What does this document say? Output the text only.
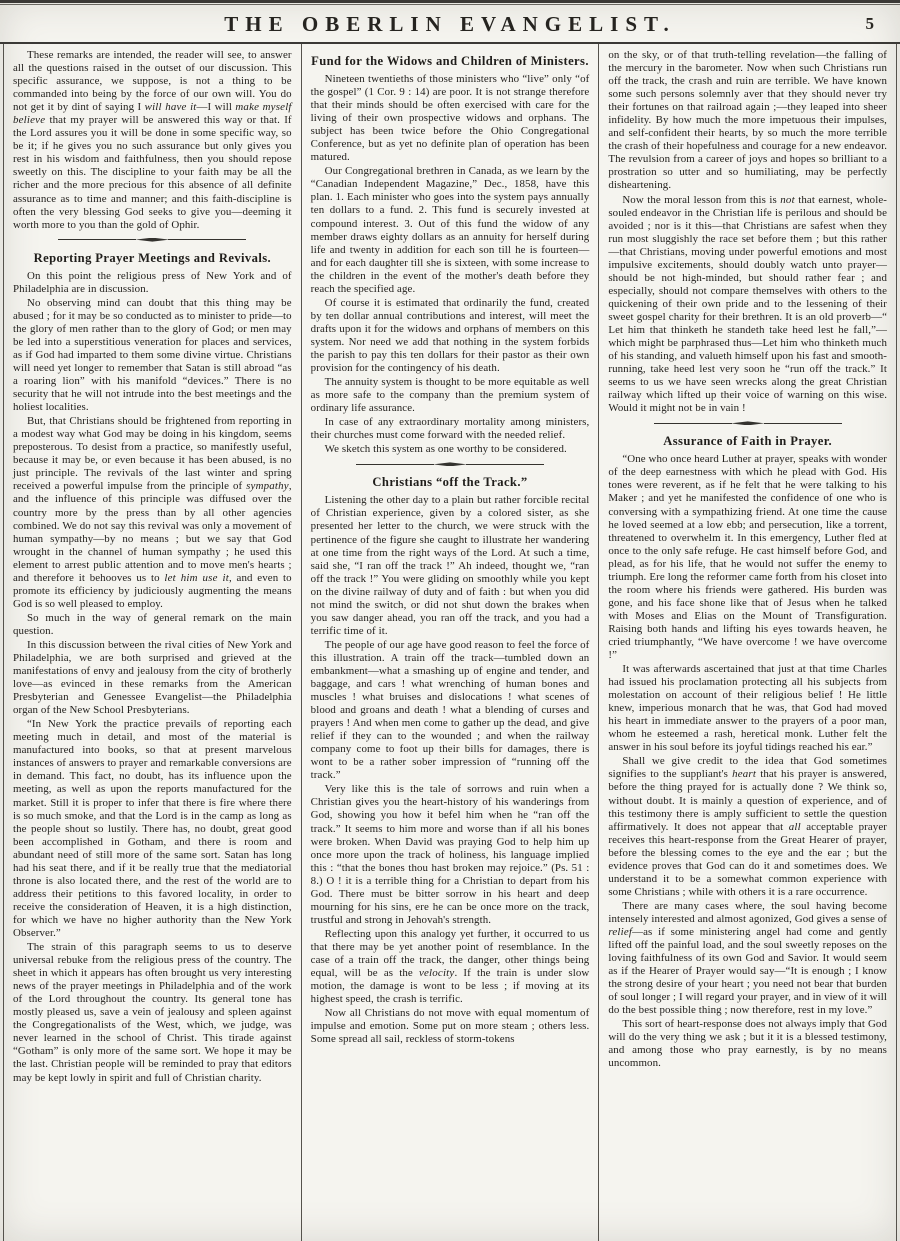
THE OBERLIN EVANGELIST.	5

These remarks are intended, the reader will see, to answer all the questions raised in the outset of our discussion. This specific assurance, we suppose, is not a thing to be commanded into being by the force of our own will. You do not get it by dint of saying I will have it—I will make myself believe that my prayer will be answered this way or that. If the Lord assures you it will be done in some specific way, so be it; if he gives you no such assurance but only gives you rest in his wisdom and faithfulness, then you should repose sweetly on this. The discipline to your faith may be all the richer and the more precious for this absence of all definite assurance as to time and manner; and this faith-discipline is often the very blessing God seeks to give you—deeming it worth more to you than the gold of Ophir.

Reporting Prayer Meetings and Revivals.

On this point the religious press of New York and of Philadelphia are in discussion.

No observing mind can doubt that this thing may be abused ; for it may be so conducted as to minister to pride—to the glory of men rather than to the glory of God; or men may be led into a superstitious veneration for places and services, as if God had imparted to them some divine virtue. Christians will need yet longer to remember that Satan is still abroad “as a roaring lion” with his manifold “devices.” There is no security that he will not intrude into the best meetings and the holiest localities.

But, that Christians should be frightened from reporting in a modest way what God may be doing in his kingdom, seems preposterous. To desist from a practice, so manifestly useful, because it may be, or even because it has been abused, is no just principle. The revivals of the last winter and spring received a powerful impulse from the principle of sympathy, and the influence of this principle was diffused over the country more by the press than by all other agencies combined. We do not say this revival was only a movement of human sympathy—by no means ; but we say that God wrought in the channel of human sympathy ; he used this element to arrest public attention and to move men's hearts ; and therefore it behooves us to let him use it, and even to promote its efficiency by judiciously augmenting the means God is so well pleased to employ.

So much in the way of general remark on the main question.

In this discussion between the rival cities of New York and Philadelphia, we are both surprised and grieved at the manifestations of envy and jealousy from the city of brotherly love—as evinced in these remarks from the American Presbyterian and Genessee Evangelist—the Philadelphia organ of the New School Presbyterians.

“In New York the practice prevails of reporting each meeting much in detail, and most of the material is manufactured into books, so that at present marvelous instances of answers to prayer and remarkable conversions are in demand. This fact, no doubt, has its influence upon the meeting, as well as upon the reports manufactured for the market. Still it is proper to infer that there is fire where there is so much smoke, and that the Lord is in the camp as long as the people shout so lustily. There has, no doubt, great good been accomplished in Gotham, and there is room and abundant need of still more of the same sort. Satan has long had his seat there, and if it be really true that the mediatorial throne is also located there, and the rest of the world are to address their petitions to this favored locality, in order to receive the consideration of Heaven, it is a high distinction, for which we have no higher authority than the New York Observer.”

The strain of this paragraph seems to us to deserve universal rebuke from the religious press of the country. The sheet in which it appears has often brought us very interesting news of the prayer meetings in Philadelphia and of the work of the Lord throughout the country. Its general tone has mostly pleased us, save a vein of jealousy and spleen against the Congregationalists of the West, which, we judge, was never learned in the school of Christ. This tirade against “Gotham” is only more of the same sort. We hope it may be the last. Christian people will be reminded to pray that editors may be kept lowly in spirit and full of Christian charity.

Fund for the Widows and Children of Ministers.

Nineteen twentieths of those ministers who “live” only “of the gospel” (1 Cor. 9 : 14) are poor. It is not strange therefore that their minds should be often exercised with care for the living of their own prospective widows and orphans. The subject has been twice before the Ohio Congregational Conference, but as yet no definite plan of operation has been matured.

Our Congregational brethren in Canada, as we learn by the “Canadian Independent Magazine,” Dec., 1858, have this plan. 1. Each minister who goes into the system pays annually ten dollars to a fund. 2. This fund is securely invested at compound interest. 3. Out of this fund the widow of any member draws eighty dollars as an annuity for herself during life and twenty in addition for each son till he is fourteen—and for each daughter till she is sixteen, with some increase to the children in the event of the mother's death before they reach the specified age.

Of course it is estimated that ordinarily the fund, created by ten dollar annual contributions and interest, will meet the drafts upon it for the widows and orphans of members on this system. Nor need we add that nothing in the system forbids the parish to pay this ten dollars for their pastor as their own provision for the contingency of his death.

The annuity system is thought to be more equitable as well as more safe to the company than the premium system of ordinary life assurance.

In case of any extraordinary mortality among ministers, their churches must come forward with the needed relief.

We sketch this system as one worthy to be considered.

Christians “off the Track.”

Listening the other day to a plain but rather forcible recital of Christian experience, given by a colored sister, as she presented her letter to the church, we were struck with the pertinence of the figure she caught to illustrate her wandering at one time from the right ways of the Lord. At such a time, said she, “I ran off the track !” Ah indeed, thought we, “ran off the track !” You were gliding on smoothly while you kept on the divine railway of duty and of faith : but when you did not mind the switch, or did not shut down the brakes when you saw danger ahead, you ran off the track, and you had a terrific time of it.

The people of our age have good reason to feel the force of this illustration. A train off the track—tumbled down an embankment—what a smashing up of engine and tender, and baggage, and cars ! what wrenching of human bones and muscles ! what bruises and dislocations ! what scenes of blood and groans and death ! what a blending of curses and prayers ! And when men come to gather up the dead, and give relief if they can to the wounded ; and when the railway company come to foot up their bills for damages, there is wont to be a rather sober impression of “running off the track.”

Very like this is the tale of sorrows and ruin when a Christian gives you the heart-history of his wanderings from God, showing you how it befel him when he “ran off the track.” It seems to him more and worse than if all his bones were broken. When David was praying God to help him up once more upon the track of holiness, his language implied this : “that the bones thou hast broken may rejoice.” (Ps. 51 : 8.) O ! it is a terrible thing for a Christian to depart from his God. There must be bitter sorrow in his heart and deep mourning for his sins, ere he can be once more on the track, trustful and strong in Jehovah's strength.

Reflecting upon this analogy yet further, it occurred to us that there may be yet another point of resemblance. In the case of a train off the track, the danger, other things being equal, will be as the velocity. If the train is under slow motion, the damage is wont to be less ; if moving at its highest speed, the crash is terrific.

Now all Christians do not move with equal momentum of impulse and emotion. Some put on more steam ; others less. Some spread all sail, reckless of storm-tokens

on the sky, or of that truth-telling revelation—the falling of the mercury in the barometer. Now when such Christians run off the track, the crash and ruin are terrible. We have known some such persons solemnly aver that they should never try their fortunes on that railroad again ;—they leaped into sheer infidelity. By how much the more impetuous their impulses, and self-confident their hearts, by so much the more terrible the crash of their hopefulness and courage for a new endeavor. The revulsion from a career of joys and hopes so brilliant to a prostration so utter and so humiliating, may be perfectly disheartening.

Now the moral lesson from this is not that earnest, whole-souled endeavor in the Christian life is perilous and should be avoided ; nor is it this—that Christians are safest when they run most sluggishly the race set before them ; but this rather—that Christians, moving under powerful emotions and most impulsive excitements, should doubly watch unto prayer—should be not high-minded, but should rather fear ; and especially, should not compare themselves with others to the quickening of their own pride and to the lessening of their sweet gospel charity for their brethren. It is an old proverb—“ Let him that thinketh he standeth take heed lest he fall,”—which might be parphrased thus—Let him who thinketh much of his standing, and valueth himself upon his fast and smooth-running, take heed lest very soon he “run off the track.” It seems to us we have seen wrecks along the great Christian railway which lifted up their voice of warning on this wise. Would it might not be in vain !

Assurance of Faith in Prayer.

“One who once heard Luther at prayer, speaks with wonder of the deep earnestness with which he plead with God. His tones were reverent, as if he felt that he were talking to his Maker ; and yet he manifested the confidence of one who is conversing with a sympathizing friend. At one time the cause he loved seemed at a low ebb; and persecution, like a torrent, threatened to overwhelm it. In this emergency, Luther fled at once to the only safe refuge. He cast himself before God, and plead, as for his life, that he would not suffer the enemy to triumph. Ere long the reformer came forth from his closet into the room where his friends were gathered. His burden was gone, and his face shone like that of Jesus when he talked with Moses and Elias on the Mount of Transfiguration. Raising both hands and lifting his eyes towards heaven, he cried triumphantly, “We have overcome ! we have overcome !”

It was afterwards ascertained that just at that time Charles had issued his proclamation protecting all his subjects from molestation on account of their religious belief ! He little knew, imperious monarch that he was, that God had moved his heart in immediate answer to the prayers of a poor man, whom he esteemed a rash, heretical monk. Luther felt the answer in his soul before its joyful tidings reached his ear.”

Shall we give credit to the idea that God sometimes signifies to the suppliant's heart that his prayer is answered, before the thing prayed for is actually done ? We think so, without doubt. It is mainly a question of experience, and of this testimony there is amply sufficient to settle the question affirmatively. It does not appear that all acceptable prayer receives this heart-response from the Great Hearer of prayer, before the blessing comes to the eye and the ear ; but the evidence proves that God can do it and sometimes does. We understand it to be a somewhat common experience with some Christians ; while with others it is a rare occurrence.

There are many cases where, the soul having become intensely interested and almost agonized, God gives a sense of relief—as if some ministering angel had come and gently lifted off the painful load, and the soul sweetly reposes on the loving faithfulness of its own God and Savior. It would seem as if the Hearer of Prayer would say—“It is enough ; I know the strong desire of your heart ; you need not bear that burden of soul longer ; I will regard your prayer, and in view of it will do the best possible thing ; now therefore, rest in my love.”

This sort of heart-response does not always imply that God will do the very thing we ask ; but it it is a blessed testimony, and among those who pray earnestly, is by no means uncommon.
